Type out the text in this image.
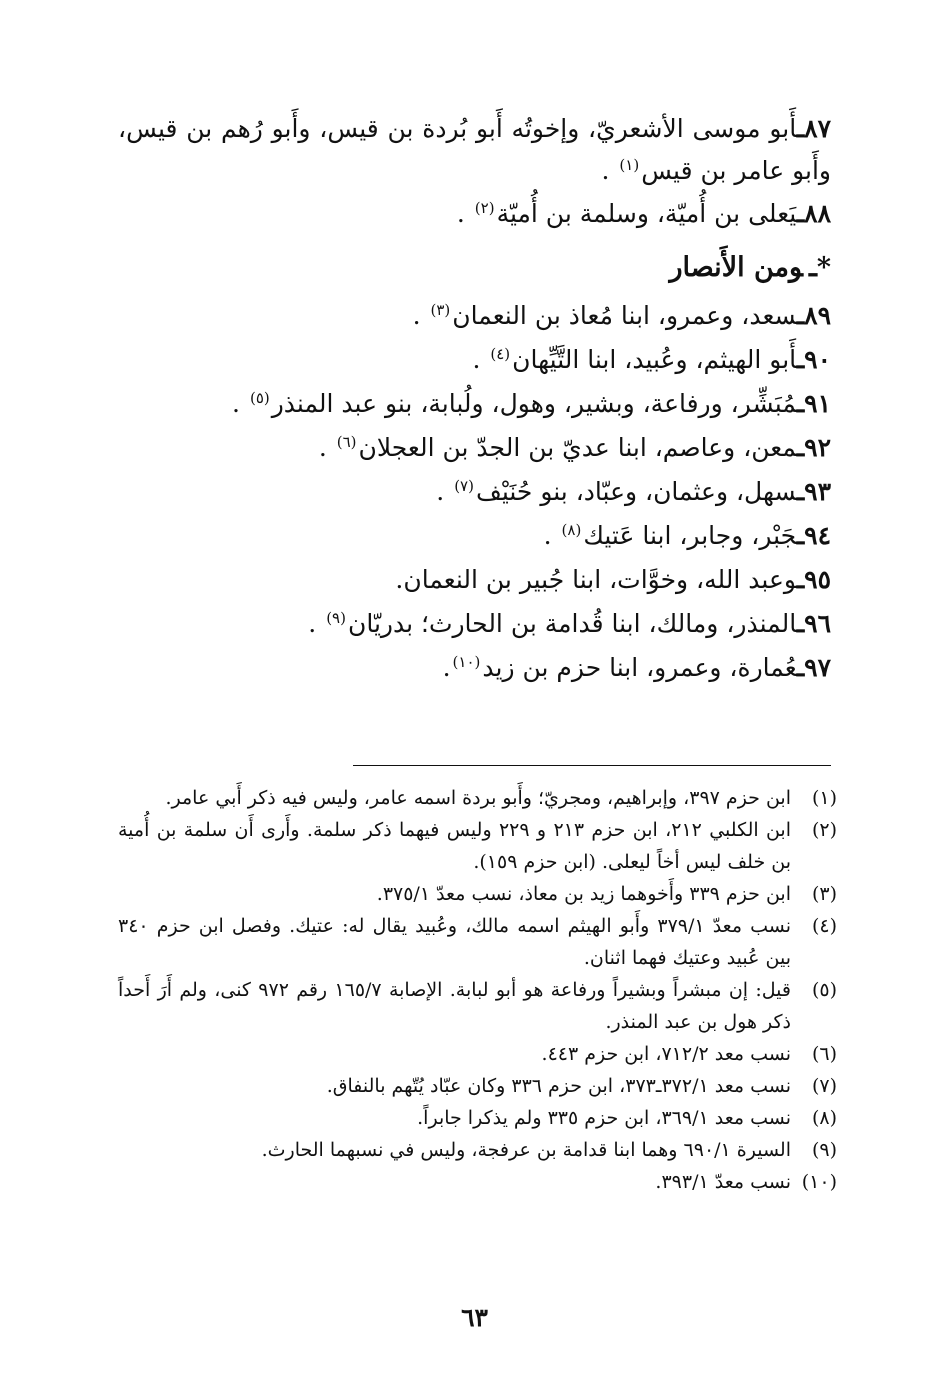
٨٧ـأَبو موسى الأشعريّ، وإخوتُه أَبو بُردة بن قيس، وأَبو رُهم بن قيس، وأَبو عامر بن قيس$^{(١)}$ .

٨٨ـيَعلى بن أُميّة، وسلمة بن أُميّة$^{(٢)}$ .

*ـومن الأَنصار

٨٩ـسعد، وعمرو، ابنا مُعاذ بن النعمان$^{(٣)}$ .

٩٠ـأَبو الهيثم، وعُبيد، ابنا التَّيِّهان$^{(٤)}$ .

٩١ـمُبَشِّر، ورفاعة، وبشير، وهول، ولُبابة، بنو عبد المنذر$^{(٥)}$ .

٩٢ـمعن، وعاصم، ابنا عديّ بن الجدّ بن العجلان$^{(٦)}$ .

٩٣ـسهل، وعثمان، وعبّاد، بنو حُنَيْف$^{(٧)}$ .

٩٤ـجَبْر، وجابر، ابنا عَتيك$^{(٨)}$ .

٩٥ـوعبد الله، وخوَّات، ابنا جُبير بن النعمان.

٩٦ـالمنذر، ومالك، ابنا قُدامة بن الحارث؛ بدريّان$^{(٩)}$ .

٩٧ـعُمارة، وعمرو، ابنا حزم بن زيد$^{(١٠)}$.

(١)
ابن حزم ٣٩٧، وإبراهيم، ومجريّ؛ وأَبو بردة اسمه عامر، وليس فيه ذكر أَبي عامر.
(٢)
ابن الكلبي ٢١٢، ابن حزم ٢١٣ و ٢٢٩ وليس فيهما ذكر سلمة. وأَرى أَن سلمة بن أُمية بن خلف ليس أخاً ليعلى. (ابن حزم ١٥٩).
(٣)
ابن حزم ٣٣٩ وأَخوهما زيد بن معاذ، نسب معدّ ٣٧٥/١.
(٤)
نسب معدّ ٣٧٩/١ وأَبو الهيثم اسمه مالك، وعُبيد يقال له: عتيك. وفصل ابن حزم ٣٤٠ بين عُبيد وعتيك فهما اثنان.
(٥)
قيل: إن مبشراً وبشيراً ورفاعة هو أبو لبابة. الإصابة ١٦٥/٧ رقم ٩٧٢ كنى، ولم أَرَ أَحداً ذكر هول بن عبد المنذر.
(٦)
نسب معد ٧١٢/٢، ابن حزم ٤٤٣.
(٧)
نسب معد ٣٧٢/١ـ٣٧٣، ابن حزم ٣٣٦ وكان عبّاد يُتّهم بالنفاق.
(٨)
نسب معد ٣٦٩/١، ابن حزم ٣٣٥ ولم يذكرا جابراً.
(٩)
السيرة ٦٩٠/١ وهما ابنا قدامة بن عرفجة، وليس في نسبهما الحارث.
(١٠)
نسب معدّ ٣٩٣/١.
٦٣
